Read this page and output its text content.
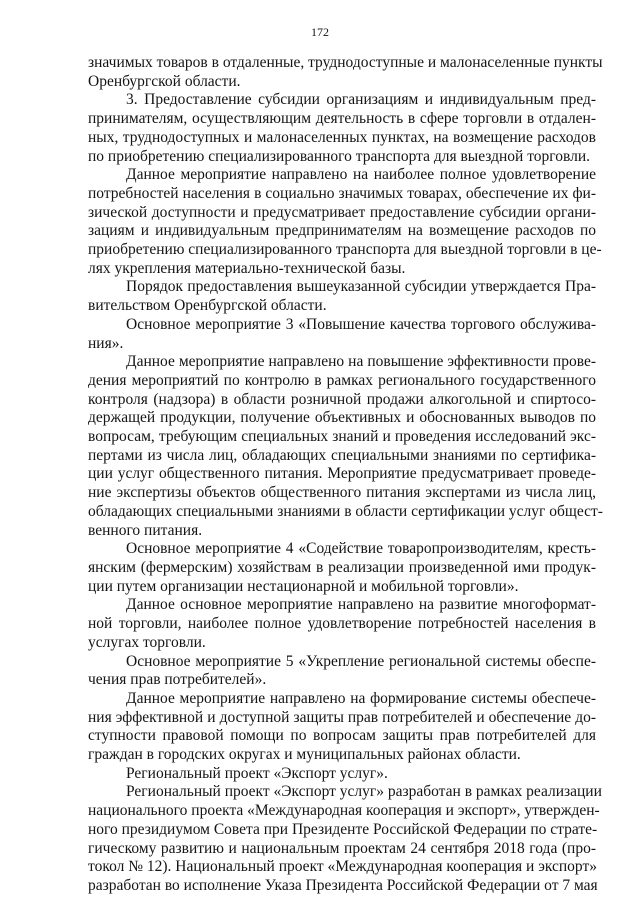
172
значимых товаров в отдаленные, труднодоступные и малонаселенные пункты
Оренбургской области.
3. Предоставление субсидии организациям и индивидуальным пред-
принимателям, осуществляющим деятельность в сфере торговли в отдален-
ных, труднодоступных и малонаселенных пунктах, на возмещение расходов
по приобретению специализированного транспорта для выездной торговли.
Данное мероприятие направлено на наиболее полное удовлетворение
потребностей населения в социально значимых товарах, обеспечение их фи-
зической доступности и предусматривает предоставление субсидии органи-
зациям и индивидуальным предпринимателям на возмещение расходов по
приобретению специализированного транспорта для выездной торговли в це-
лях укрепления материально-технической базы.
Порядок предоставления вышеуказанной субсидии утверждается Пра-
вительством Оренбургской области.
Основное мероприятие 3 «Повышение качества торгового обслужива-
ния».
Данное мероприятие направлено на повышение эффективности прове-
дения мероприятий по контролю в рамках регионального государственного
контроля (надзора) в области розничной продажи алкогольной и спиртосо-
держащей продукции, получение объективных и обоснованных выводов по
вопросам, требующим специальных знаний и проведения исследований экс-
пертами из числа лиц, обладающих специальными знаниями по сертифика-
ции услуг общественного питания. Мероприятие предусматривает проведе-
ние экспертизы объектов общественного питания экспертами из числа лиц,
обладающих специальными знаниями в области сертификации услуг общест-
венного питания.
Основное мероприятие 4 «Содействие товаропроизводителям, кресть-
янским (фермерским) хозяйствам в реализации произведенной ими продук-
ции путем организации нестационарной и мобильной торговли».
Данное основное мероприятие направлено на развитие многоформат-
ной торговли, наиболее полное удовлетворение потребностей населения в
услугах торговли.
Основное мероприятие 5 «Укрепление региональной системы обеспе-
чения прав потребителей».
Данное мероприятие направлено на формирование системы обеспече-
ния эффективной и доступной защиты прав потребителей и обеспечение до-
ступности правовой помощи по вопросам защиты прав потребителей для
граждан в городских округах и муниципальных районах области.
Региональный проект «Экспорт услуг».
Региональный проект «Экспорт услуг» разработан в рамках реализации
национального проекта «Международная кооперация и экспорт», утвержден-
ного президиумом Совета при Президенте Российской Федерации по страте-
гическому развитию и национальным проектам 24 сентября 2018 года (про-
токол № 12). Национальный проект «Международная кооперация и экспорт»
разработан во исполнение Указа Президента Российской Федерации от 7 мая
